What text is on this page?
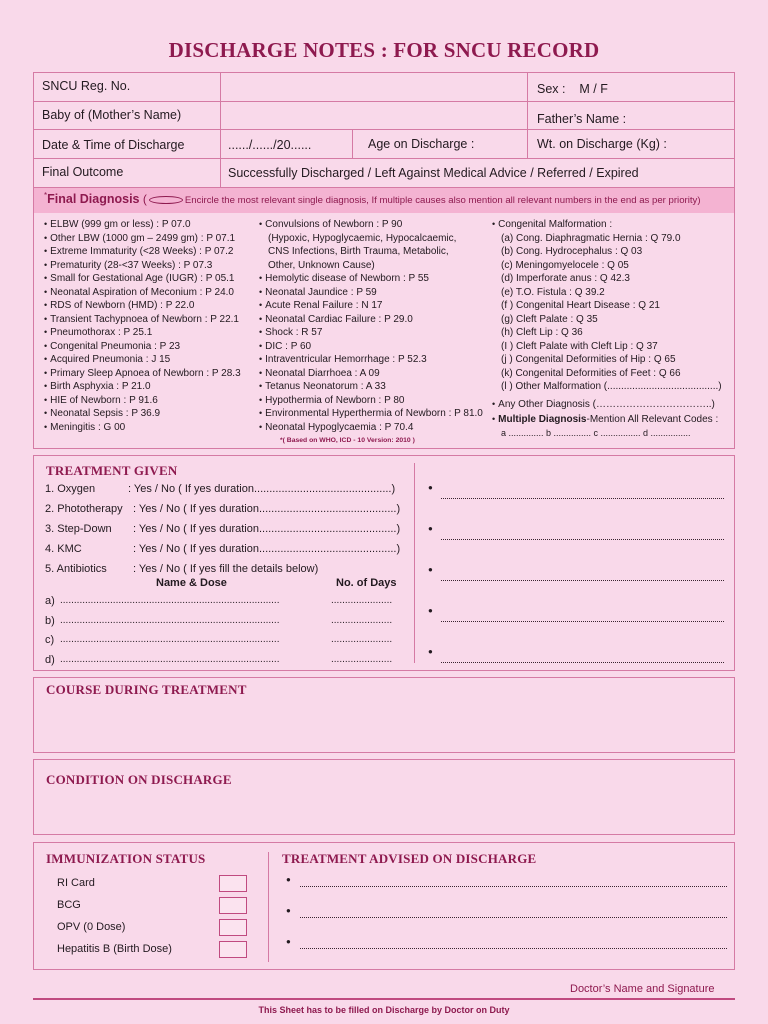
DISCHARGE NOTES : FOR SNCU RECORD
SNCU Reg. No.	Sex :    M / F
Baby of (Mother’s Name)	Father’s Name :
Date & Time of Discharge	....../....../20......	Age on Discharge :	Wt. on Discharge (Kg) :
Final Outcome	Successfully Discharged / Left Against Medical Advice / Referred / Expired
*Final Diagnosis (	Encircle the most relevant single diagnosis, If multiple causes also mention all relevant numbers in the end as per priority)
• ELBW (999 gm or less) : P 07.0
• Other LBW (1000 gm – 2499 gm) : P 07.1
• Extreme Immaturity (<28 Weeks) : P 07.2
• Prematurity (28-<37 Weeks) : P 07.3
• Small for Gestational Age (IUGR) : P 05.1
• Neonatal Aspiration of Meconium : P 24.0
• RDS of Newborn (HMD) : P 22.0
• Transient Tachypnoea of Newborn : P 22.1
• Pneumothorax : P 25.1
• Congenital Pneumonia : P 23
• Acquired Pneumonia : J 15
• Primary Sleep Apnoea of Newborn : P 28.3
• Birth Asphyxia : P 21.0
• HIE of Newborn : P 91.6
• Neonatal Sepsis : P 36.9
• Meningitis : G 00
• Convulsions of Newborn : P 90
(Hypoxic, Hypoglycaemic, Hypocalcaemic,
CNS Infections, Birth Trauma, Metabolic,
Other, Unknown Cause)
• Hemolytic disease of Newborn : P 55
• Neonatal Jaundice : P 59
• Acute Renal Failure : N 17
• Neonatal Cardiac Failure : P 29.0
• Shock : R 57
• DIC : P 60
• Intraventricular Hemorrhage : P 52.3
• Neonatal Diarrhoea : A 09
• Tetanus Neonatorum : A 33
• Hypothermia of Newborn : P 80
• Environmental Hyperthermia of Newborn : P 81.0
• Neonatal Hypoglycaemia : P 70.4
*( Based on WHO, ICD - 10 Version: 2010 )
• Congenital Malformation :
(a) Cong. Diaphragmatic Hernia : Q 79.0
(b) Cong. Hydrocephalus : Q 03
(c) Meningomyelocele : Q 05
(d) Imperforate anus : Q 42.3
(e) T.O. Fistula : Q 39.2
(f ) Congenital Heart Disease : Q 21
(g) Cleft Palate : Q 35
(h) Cleft Lip : Q 36
(I ) Cleft Palate with Cleft Lip : Q 37
(j ) Congenital Deformities of Hip : Q 65
(k) Congenital Deformities of Feet : Q 66
(l ) Other Malformation (........................................)
• Any Other Diagnosis (……………………………..)
• Multiple Diagnosis-Mention All Relevant Codes :
a .............. b ............... c ................ d ................
TREATMENT GIVEN
1. Oxygen	: Yes / No ( If yes duration.............................................)
2. Phototherapy : Yes / No ( If yes duration.............................................)
3. Step-Down : Yes / No ( If yes duration.............................................)
4. KMC	: Yes / No ( If yes duration.............................................)
5. Antibiotics : Yes / No ( If yes fill the details below)
Name & Dose	No. of Days
a) ...............................................................................	......................
b) ...............................................................................	......................
c) ...............................................................................	......................
d) ...............................................................................	......................
●
●
●
●
●
COURSE DURING TREATMENT
CONDITION ON DISCHARGE
IMMUNIZATION STATUS
RI Card
BCG
OPV (0 Dose)
Hepatitis B (Birth Dose)
TREATMENT ADVISED ON DISCHARGE
●
●
●
Doctor’s Name and Signature
This Sheet has to be filled on Discharge by Doctor on Duty
